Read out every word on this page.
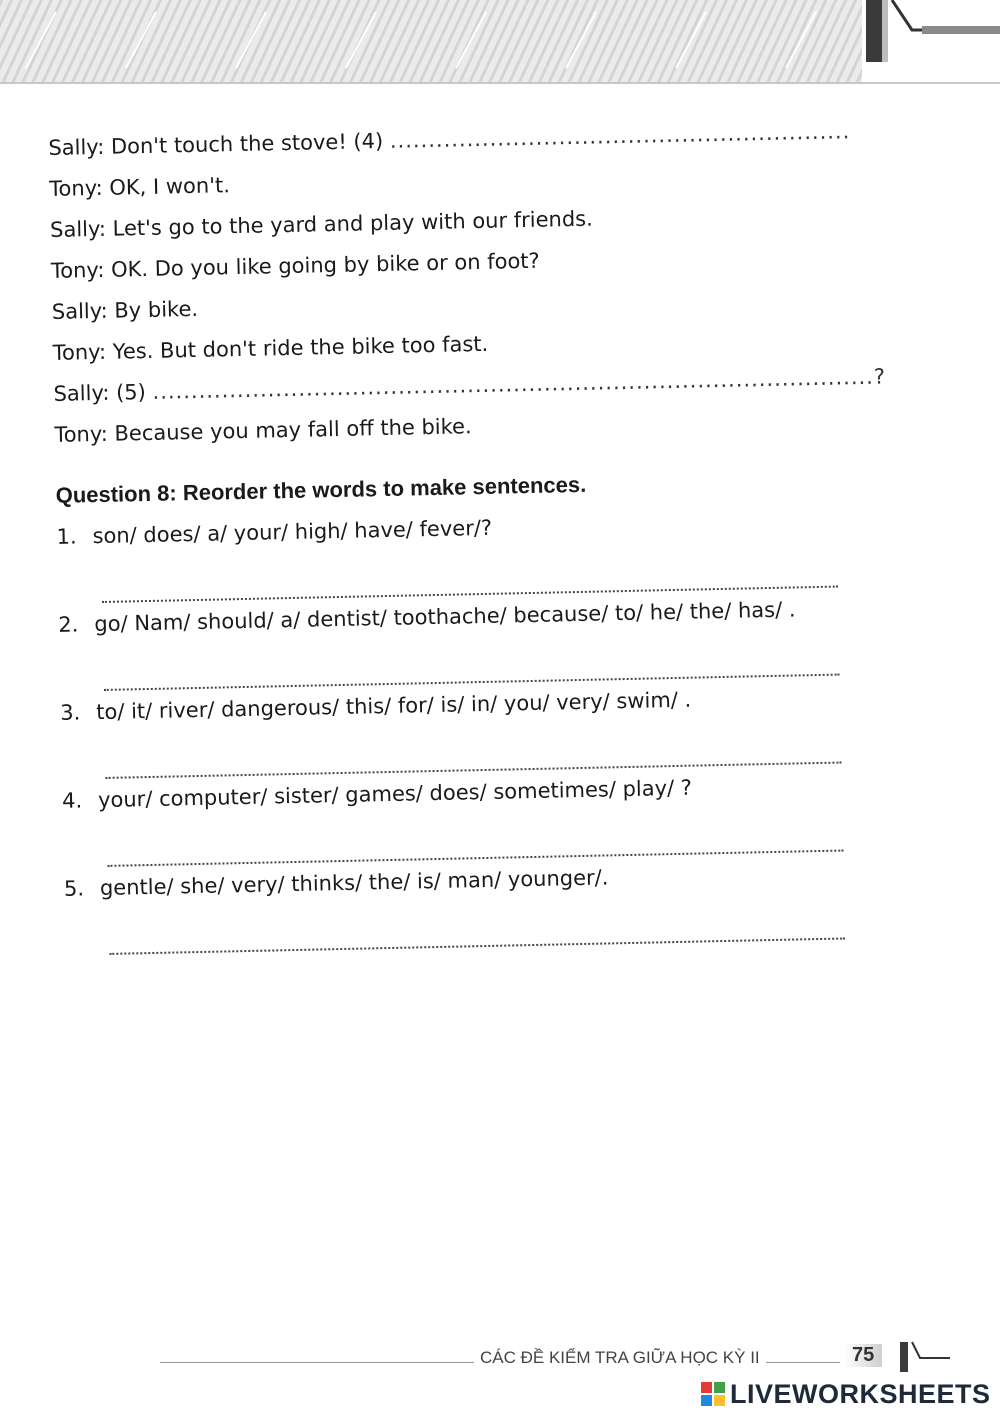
Sally: Don't touch the stove! (4) ............................................................
Tony: OK, I won't.
Sally: Let's go to the yard and play with our friends.
Tony: OK. Do you like going by bike or on foot?
Sally: By bike.
Tony: Yes. But don't ride the bike too fast.
Sally: (5) ..............................................................................................?
Tony: Because you may fall off the bike.
Question 8: Reorder the words to make sentences.
1. son/ does/ a/ your/ high/ have/ fever/?
2. go/ Nam/ should/ a/ dentist/ toothache/ because/ to/ he/ the/ has/ .
3. to/ it/ river/ dangerous/ this/ for/ is/ in/ you/ very/ swim/ .
4. your/ computer/ sister/ games/ does/ sometimes/ play/ ?
5. gentle/ she/ very/ thinks/ the/ is/ man/ younger/.
CÁC ĐỀ KIỂM TRA GIỮA HỌC KỲ II	75
LIVEWORKSHEETS
